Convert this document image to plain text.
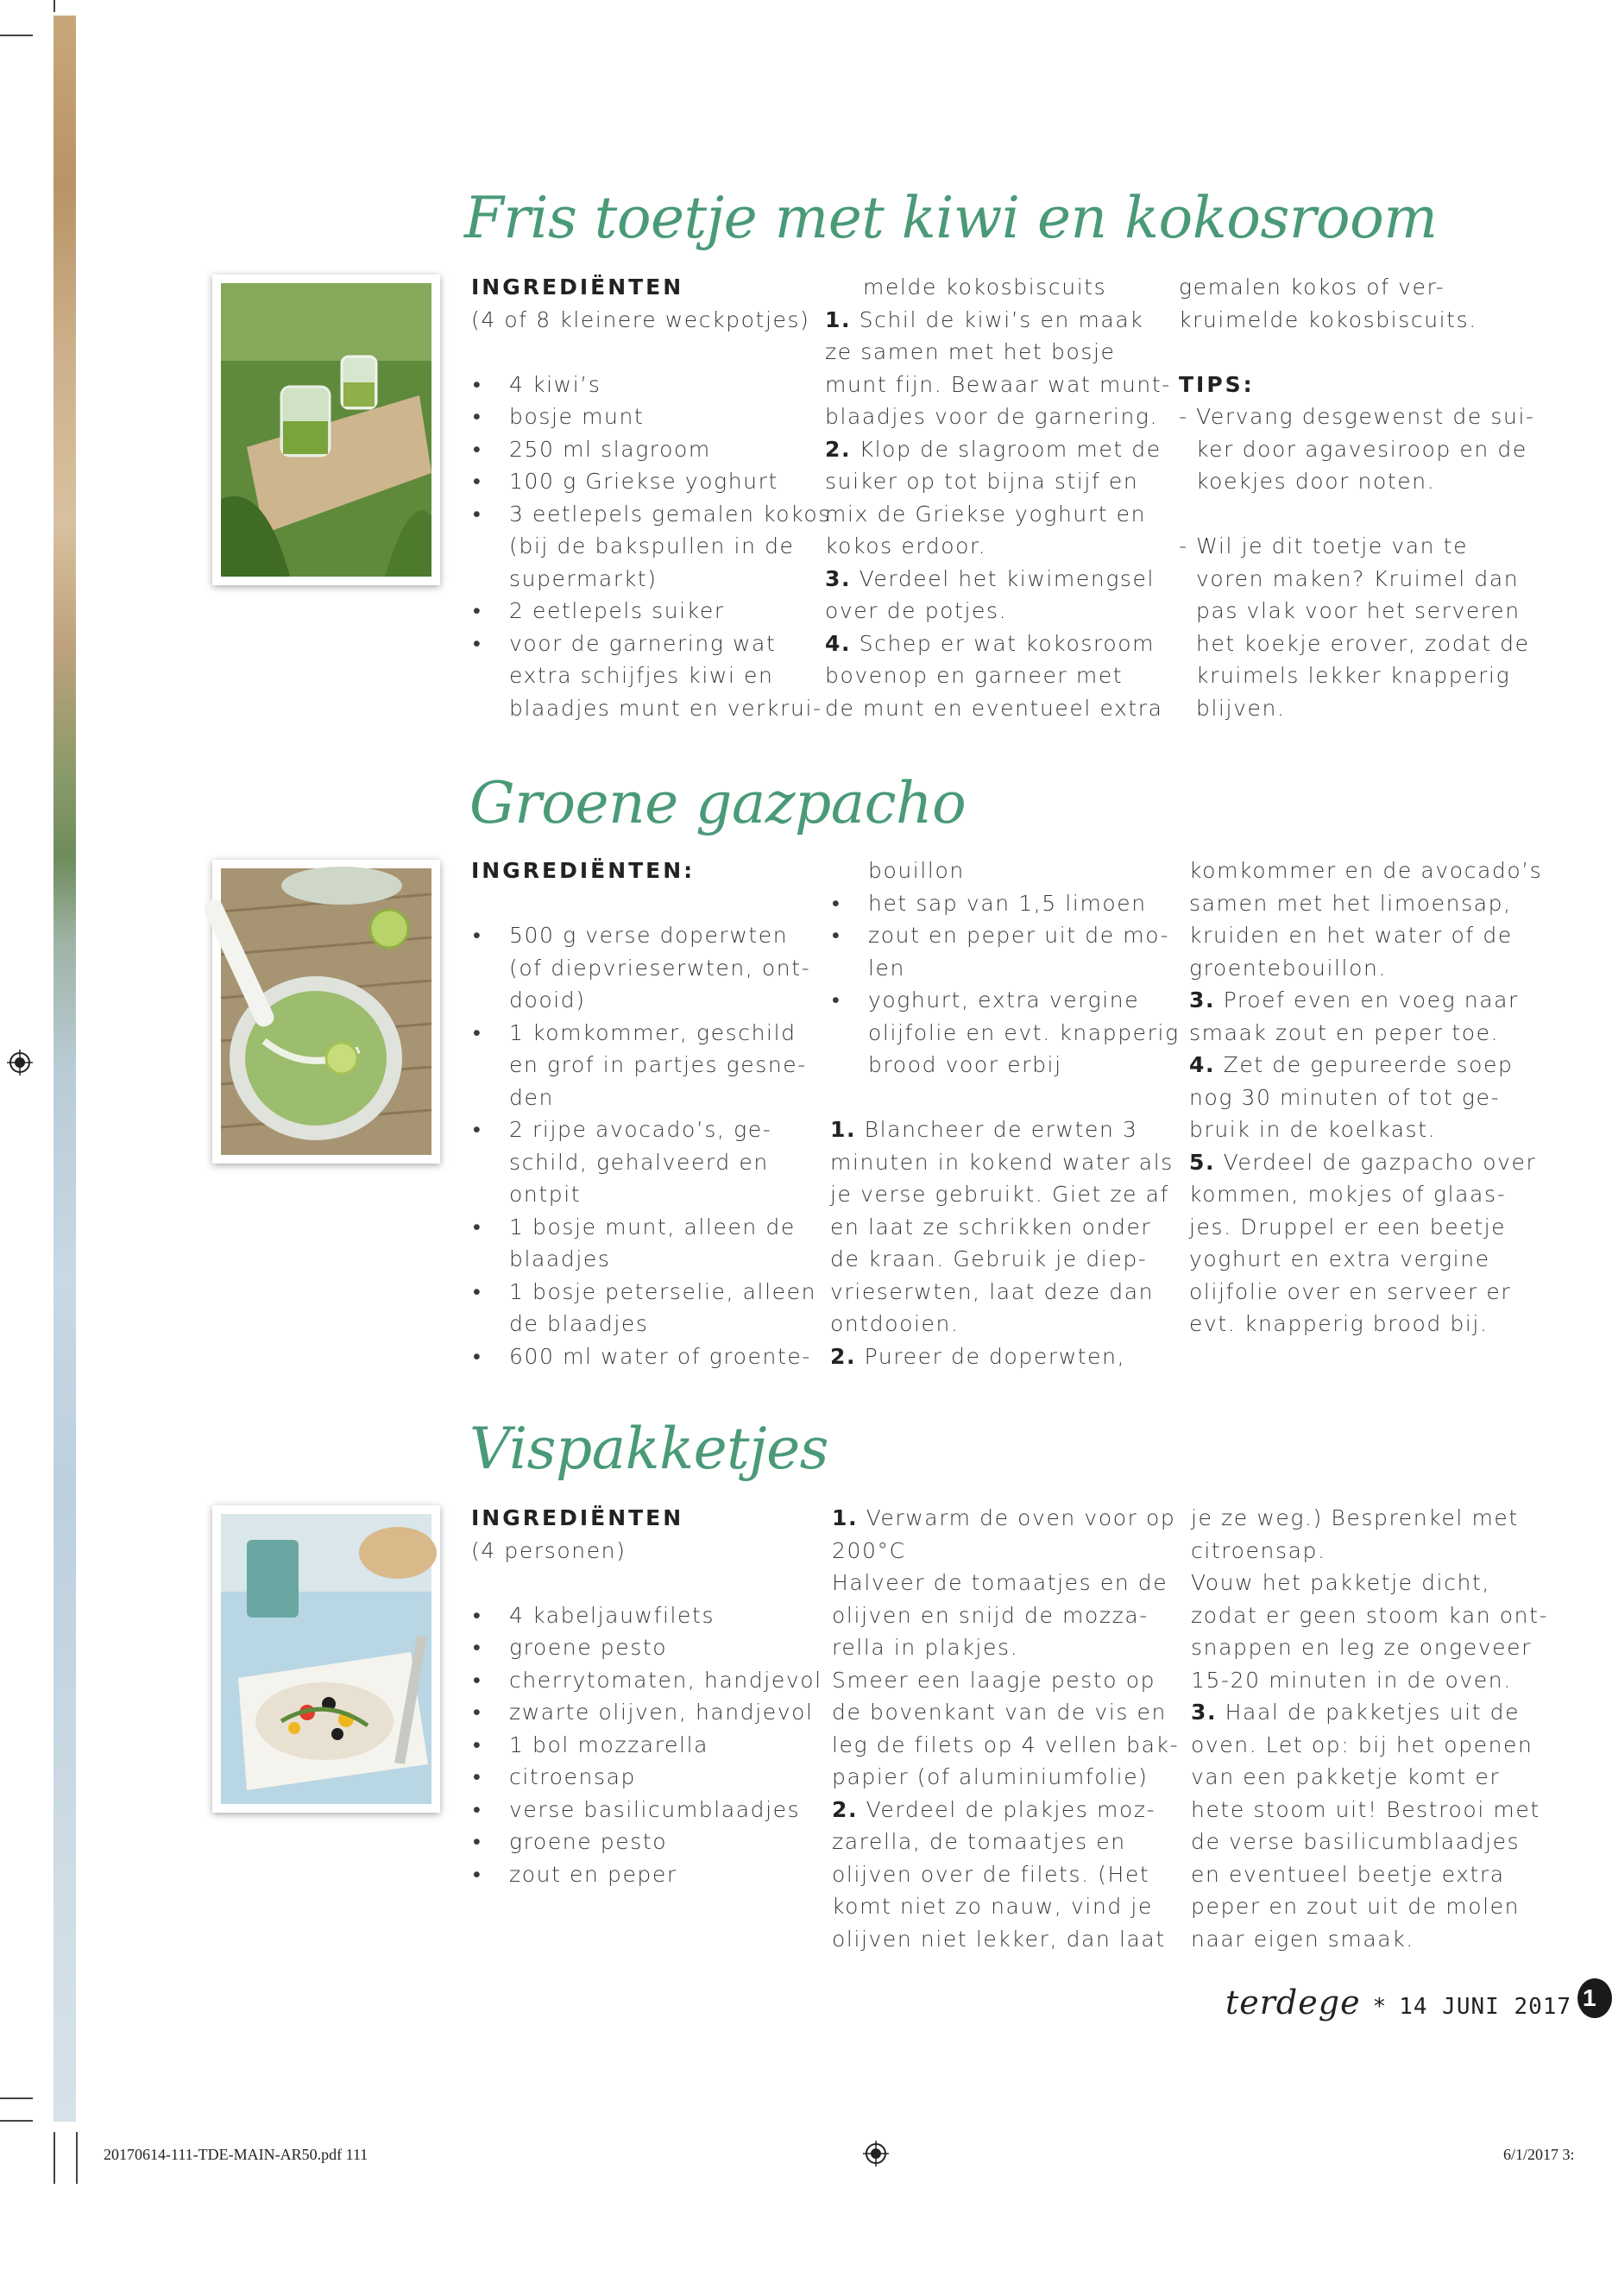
Fris toetje met kiwi en kokosroom
INGREDIËNTEN
(4 of 8 kleinere weckpotjes)
• 4 kiwi’s
• bosje munt
• 250 ml slagroom
• 100 g Griekse yoghurt
• 3 eetlepels gemalen kokos
(bij de bakspullen in de
supermarkt)
• 2 eetlepels suiker
• voor de garnering wat
extra schijfjes kiwi en
blaadjes munt en verkrui-
melde kokosbiscuits
1. Schil de kiwi’s en maak
ze samen met het bosje
munt fijn. Bewaar wat munt-
blaadjes voor de garnering.
2. Klop de slagroom met de
suiker op tot bijna stijf en
mix de Griekse yoghurt en
kokos erdoor.
3. Verdeel het kiwimengsel
over de potjes.
4. Schep er wat kokosroom
bovenop en garneer met
de munt en eventueel extra
gemalen kokos of ver-
kruimelde kokosbiscuits.
TIPS:
- Vervang desgewenst de sui-
ker door agavesiroop en de
koekjes door noten.
- Wil je dit toetje van te
voren maken? Kruimel dan
pas vlak voor het serveren
het koekje erover, zodat de
kruimels lekker knapperig
blijven.
Groene gazpacho
INGREDIËNTEN:
• 500 g verse doperwten
(of diepvrieserwten, ont-
dooid)
• 1 komkommer, geschild
en grof in partjes gesne-
den
• 2 rijpe avocado’s, ge-
schild, gehalveerd en
ontpit
• 1 bosje munt, alleen de
blaadjes
• 1 bosje peterselie, alleen
de blaadjes
• 600 ml water of groente-
bouillon
• het sap van 1,5 limoen
• zout en peper uit de mo-
len
• yoghurt, extra vergine
olijfolie en evt. knapperig
brood voor erbij
1. Blancheer de erwten 3
minuten in kokend water als
je verse gebruikt. Giet ze af
en laat ze schrikken onder
de kraan. Gebruik je diep-
vrieserwten, laat deze dan
ontdooien.
2. Pureer de doperwten,
komkommer en de avocado’s
samen met het limoensap,
kruiden en het water of de
groentebouillon.
3. Proef even en voeg naar
smaak zout en peper toe.
4. Zet de gepureerde soep
nog 30 minuten of tot ge-
bruik in de koelkast.
5. Verdeel de gazpacho over
kommen, mokjes of glaas-
jes. Druppel er een beetje
yoghurt en extra vergine
olijfolie over en serveer er
evt. knapperig brood bij.
Vispakketjes
INGREDIËNTEN
(4 personen)
• 4 kabeljauwfilets
• groene pesto
• cherrytomaten, handjevol
• zwarte olijven, handjevol
• 1 bol mozzarella
• citroensap
• verse basilicumblaadjes
• groene pesto
• zout en peper
1. Verwarm de oven voor op
200°C
Halveer de tomaatjes en de
olijven en snijd de mozza-
rella in plakjes.
Smeer een laagje pesto op
de bovenkant van de vis en
leg de filets op 4 vellen bak-
papier (of aluminiumfolie)
2. Verdeel de plakjes moz-
zarella, de tomaatjes en
olijven over de filets. (Het
komt niet zo nauw, vind je
olijven niet lekker, dan laat
je ze weg.) Besprenkel met
citroensap.
Vouw het pakketje dicht,
zodat er geen stoom kan ont-
snappen en leg ze ongeveer
15-20 minuten in de oven.
3. Haal de pakketjes uit de
oven. Let op: bij het openen
van een pakketje komt er
hete stoom uit! Bestrooi met
de verse basilicumblaadjes
en eventueel beetje extra
peper en zout uit de molen
naar eigen smaak.
terdege * 14 JUNI 2017 1
20170614-111-TDE-MAIN-AR50.pdf 111	6/1/2017 3:
